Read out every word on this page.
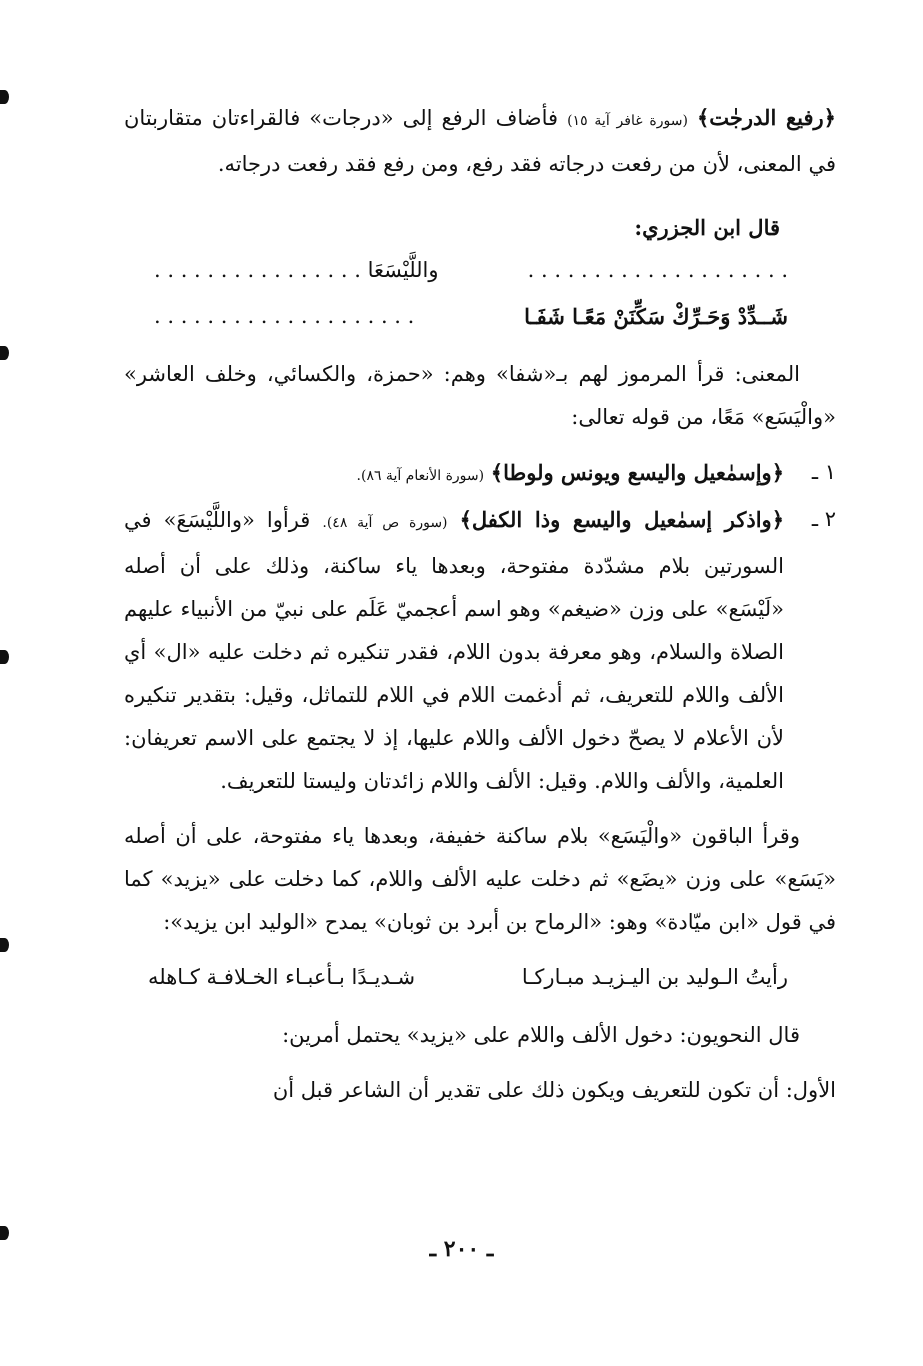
﴿رفيع الدرجٰت﴾ (سورة غافر آية ١٥) فأضاف الرفع إلى «درجات» فالقراءتان متقاربتان في المعنى، لأن من رفعت درجاته فقد رفع، ومن رفع فقد رفعت درجاته.

قال ابن الجزري:

. . . . . . . . . . . . . . . . . . . .
واللَّيْسَعَا . . . . . . . . . . . . . . . .
شَــدِّدْ وَحَـرِّكْ سَكِّنَنْ مَعًـا شَفَـا
. . . . . . . . . . . . . . . . . . . .

المعنى: قرأ المرموز لهم بـ«شفا» وهم: «حمزة، والكسائي، وخلف العاشر» «والْيَسَع» مَعًا، من قوله تعالى:

١ ـ
﴿وإسمٰعيل واليسع ويونس ولوطا﴾ (سورة الأنعام آية ٨٦).
٢ ـ
﴿واذكر إسمٰعيل واليسع وذا الكفل﴾ (سورة ص آية ٤٨). قرأوا «واللَّيْسَعَ» في السورتين بلام مشدّدة مفتوحة، وبعدها ياء ساكنة، وذلك على أن أصله «لَيْسَع» على وزن «ضيغم» وهو اسم أعجميّ عَلَم على نبيّ من الأنبياء عليهم الصلاة والسلام، وهو معرفة بدون اللام، فقدر تنكيره ثم دخلت عليه «ال» أي الألف واللام للتعريف، ثم أدغمت اللام في اللام للتماثل، وقيل: بتقدير تنكيره لأن الأعلام لا يصحّ دخول الألف واللام عليها، إذ لا يجتمع على الاسم تعريفان: العلمية، والألف واللام. وقيل: الألف واللام زائدتان وليستا للتعريف.

وقرأ الباقون «والْيَسَع» بلام ساكنة خفيفة، وبعدها ياء مفتوحة، على أن أصله «يَسَع» على وزن «يضَع» ثم دخلت عليه الألف واللام، كما دخلت على «يزيد» كما في قول «ابن ميّادة» وهو: «الرماح بن أبرد بن ثوبان» يمدح «الوليد ابن يزيد»:

رأيتُ الـوليد بن اليـزيـد مبـاركـا
شـديـدًا بـأعبـاء الخـلافـة كـاهله

قال النحويون: دخول الألف واللام على «يزيد» يحتمل أمرين:

الأول: أن تكون للتعريف ويكون ذلك على تقدير أن الشاعر قبل أن

ـ ٢٠٠ ـ
